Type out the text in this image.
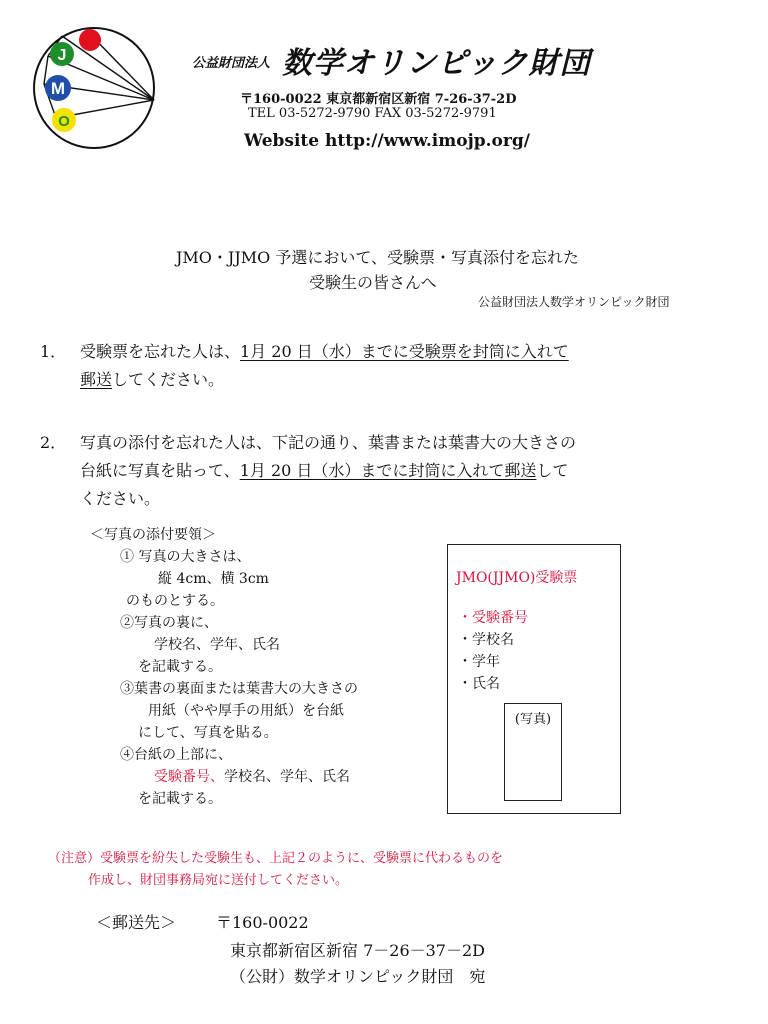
J
M
O
公益財団法人 数学オリンピック財団
〒160-0022 東京都新宿区新宿 7-26-37-2D
TEL 03-5272-9790 FAX 03-5272-9791
Website http://www.imojp.org/
JMO・JJMO 予選において、受験票・写真添付を忘れた
受験生の皆さんへ
公益財団法人数学オリンピック財団
1． 受験票を忘れた人は、1月 20 日（水）までに受験票を封筒に入れて
郵送してください。
2． 写真の添付を忘れた人は、下記の通り、葉書または葉書大の大きさの
台紙に写真を貼って、1月 20 日（水）までに封筒に入れて郵送して
ください。
＜写真の添付要領＞
① 写真の大きさは、
縦 4cm、横 3cm
のものとする。
②写真の裏に、
学校名、学年、氏名
を記載する。
③葉書の裏面または葉書大の大きさの
用紙（やや厚手の用紙）を台紙
にして、写真を貼る。
④台紙の上部に、
受験番号、学校名、学年、氏名
を記載する。
JMO(JJMO)受験票
・受験番号
・学校名
・学年
・氏名
(写真)
（注意）受験票を紛失した受験生も、上記２のように、受験票に代わるものを
作成し、財団事務局宛に送付してください。
＜郵送先＞ 〒160-0022
東京都新宿区新宿 7－26－37－2D
（公財）数学オリンピック財団　宛
